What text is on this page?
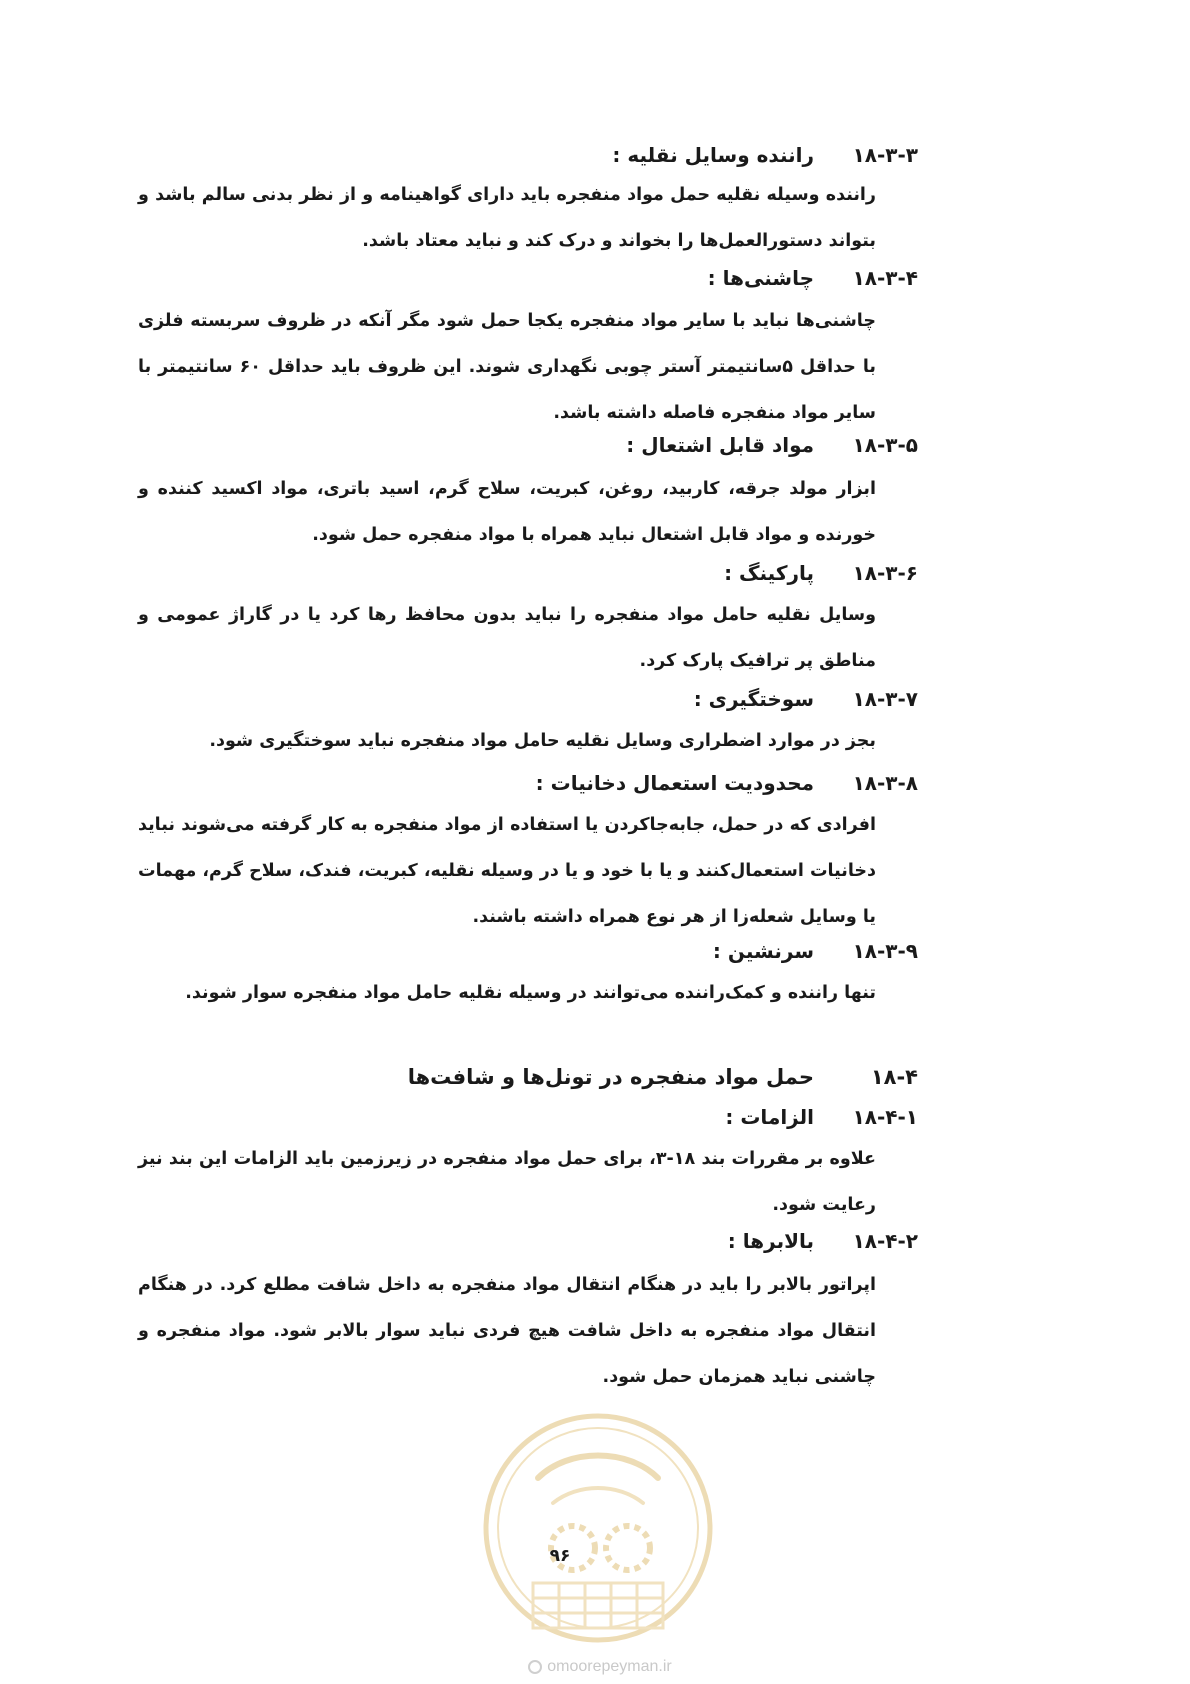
۱۸-۳-۳
راننده وسایل نقلیه :
راننده وسیله نقلیه حمل مواد منفجره باید دارای گواهینامه و از نظر بدنی سالم باشد و بتواند دستورالعمل‌ها را بخواند و درک کند و نباید معتاد باشد.
۱۸-۳-۴
چاشنی‌ها :
چاشنی‌ها نباید با سایر مواد منفجره یکجا حمل شود مگر آنکه در ظروف سربسته فلزی با حداقل ۵سانتیمتر آستر چوبی نگهداری شوند. این ظروف باید حداقل ۶۰ سانتیمتر با سایر مواد منفجره فاصله داشته باشد.
۱۸-۳-۵
مواد قابل اشتعال :
ابزار مولد جرقه، کاربید، روغن، کبریت، سلاح گرم، اسید باتری، مواد اکسید کننده و خورنده و مواد قابل اشتعال نباید همراه با مواد منفجره حمل شود.
۱۸-۳-۶
پارکینگ :
وسایل نقلیه حامل مواد منفجره را نباید بدون محافظ رها کرد یا در گاراژ عمومی و مناطق پر ترافیک پارک کرد.
۱۸-۳-۷
سوختگیری :
بجز در موارد اضطراری وسایل نقلیه حامل مواد منفجره نباید سوختگیری شود.
۱۸-۳-۸
محدودیت استعمال دخانیات :
افرادی که در حمل، جابه‌جاکردن یا استفاده از مواد منفجره به کار گرفته می‌شوند نباید دخانیات استعمال‌کنند و یا با خود و یا در وسیله نقلیه، کبریت، فندک، سلاح گرم، مهمات یا وسایل شعله‌زا از هر نوع همراه داشته باشند.
۱۸-۳-۹
سرنشین :
تنها راننده و کمک‌راننده می‌توانند در وسیله نقلیه حامل مواد منفجره سوار شوند.
۱۸-۴
حمل مواد منفجره در تونل‌ها و شافت‌ها
۱۸-۴-۱
الزامات :
علاوه بر مقررات بند ۱۸-۳، برای حمل مواد منفجره در زیرزمین باید الزامات این بند نیز رعایت شود.
۱۸-۴-۲
بالابرها :
اپراتور بالابر را باید در هنگام انتقال مواد منفجره به داخل شافت مطلع کرد. در هنگام انتقال مواد منفجره به داخل شافت هیچ فردی نباید سوار بالابر شود. مواد منفجره و چاشنی نباید همزمان حمل شود.
۹۶
omoorepeyman.ir
